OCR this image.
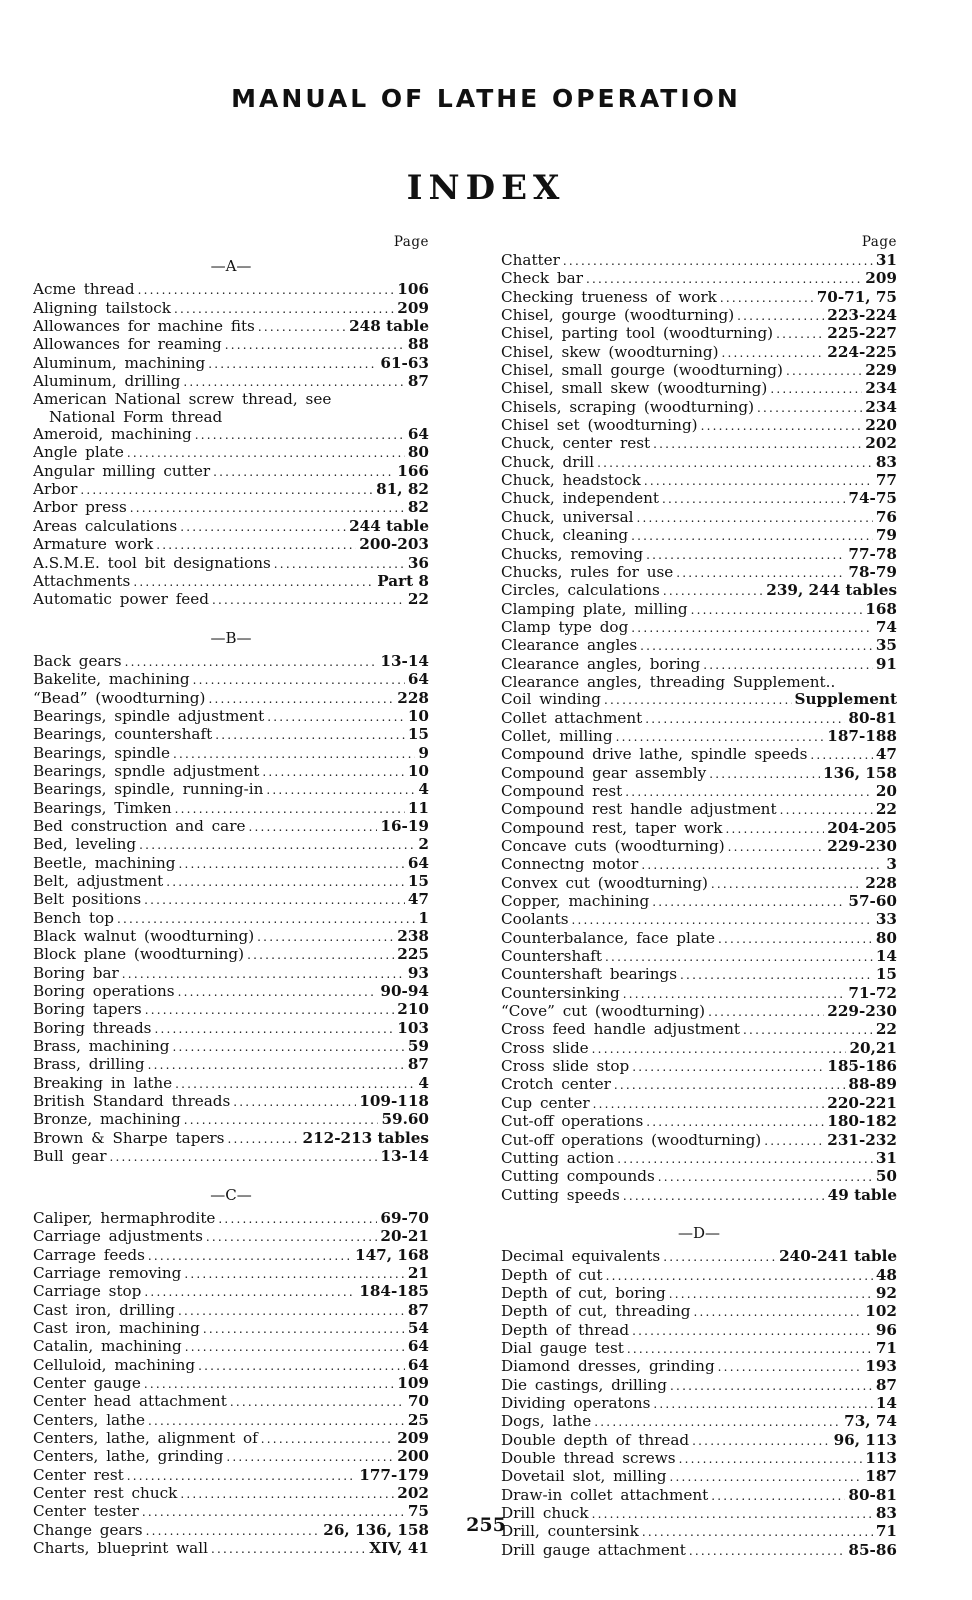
MANUAL OF LATHE OPERATION
INDEX
Page
—A—
Acme thread .....	106
Aligning tailstock .....	209
Allowances for machine fits .....	248 table
Allowances for reaming .....	88
Aluminum, machining .....	61-63
Aluminum, drilling .....	87
American National screw thread, see
National Form thread
Ameroid, machining .....	64
Angle plate .....	80
Angular milling cutter .....	166
Arbor .....	81, 82
Arbor press .....	82
Areas calculations .....	244 table
Armature work .....	200-203
A.S.M.E. tool bit designations .....	36
Attachments .....	Part 8
Automatic power feed .....	22
—B—
Back gears .....	13-14
Bakelite, machining .....	64
“Bead” (woodturning) .....	228
Bearings, spindle adjustment .....	10
Bearings, countershaft .....	15
Bearings, spindle .....	9
Bearings, spndle adjustment .....	10
Bearings, spindle, running-in .....	4
Bearings, Timken .....	11
Bed construction and care .....	16-19
Bed, leveling .....	2
Beetle, machining .....	64
Belt, adjustment .....	15
Belt positions .....	47
Bench top .....	1
Black walnut (woodturning) .....	238
Block plane (woodturning) .....	225
Boring bar .....	93
Boring operations .....	90-94
Boring tapers .....	210
Boring threads .....	103
Brass, machining .....	59
Brass, drilling .....	87
Breaking in lathe .....	4
British Standard threads .....	109-118
Bronze, machining .....	59.60
Brown & Sharpe tapers .....	212-213 tables
Bull gear .....	13-14
—C—
Caliper, hermaphrodite .....	69-70
Carriage adjustments .....	20-21
Carrage feeds .....	147, 168
Carriage removing .....	21
Carriage stop .....	184-185
Cast iron, drilling .....	87
Cast iron, machining .....	54
Catalin, machining .....	64
Celluloid, machining .....	64
Center gauge .....	109
Center head attachment .....	70
Centers, lathe .....	25
Centers, lathe, alignment of .....	209
Centers, lathe, grinding .....	200
Center rest .....	177-179
Center rest chuck .....	202
Center tester .....	75
Change gears .....	26, 136, 158
Charts, blueprint wall .....	XIV, 41
Page
Chatter .....	31
Check bar .....	209
Checking trueness of work .....	70-71, 75
Chisel, gourge (woodturning) .....	223-224
Chisel, parting tool (woodturning) .....	225-227
Chisel, skew (woodturning) .....	224-225
Chisel, small gourge (woodturning) .....	229
Chisel, small skew (woodturning) .....	234
Chisels, scraping (woodturning) .....	234
Chisel set (woodturning) .....	220
Chuck, center rest .....	202
Chuck, drill .....	83
Chuck, headstock .....	77
Chuck, independent .....	74-75
Chuck, universal .....	76
Chuck, cleaning .....	79
Chucks, removing .....	77-78
Chucks, rules for use .....	78-79
Circles, calculations .....	239, 244 tables
Clamping plate, milling .....	168
Clamp type dog .....	74
Clearance angles .....	35
Clearance angles, boring .....	91
Clearance angles, threading Supplement..
Coil winding .....	Supplement
Collet attachment .....	80-81
Collet, milling .....	187-188
Compound drive lathe, spindle speeds .....	47
Compound gear assembly .....	136, 158
Compound rest .....	20
Compound rest handle adjustment .....	22
Compound rest, taper work .....	204-205
Concave cuts (woodturning) .....	229-230
Connectng motor .....	3
Convex cut (woodturning) .....	228
Copper, machining .....	57-60
Coolants .....	33
Counterbalance, face plate .....	80
Countershaft .....	14
Countershaft bearings .....	15
Countersinking .....	71-72
“Cove” cut (woodturning) .....	229-230
Cross feed handle adjustment .....	22
Cross slide .....	20,21
Cross slide stop .....	185-186
Crotch center .....	88-89
Cup center .....	220-221
Cut-off operations .....	180-182
Cut-off operations (woodturning) .....	231-232
Cutting action .....	31
Cutting compounds .....	50
Cutting speeds .....	49 table
—D—
Decimal equivalents .....	240-241 table
Depth of cut .....	48
Depth of cut, boring .....	92
Depth of cut, threading .....	102
Depth of thread .....	96
Dial gauge test .....	71
Diamond dresses, grinding .....	193
Die castings, drilling .....	87
Dividing operatons .....	14
Dogs, lathe .....	73, 74
Double depth of thread .....	96, 113
Double thread screws .....	113
Dovetail slot, milling .....	187
Draw-in collet attachment .....	80-81
Drill chuck .....	83
Drill, countersink .....	71
Drill gauge attachment .....	85-86
255
